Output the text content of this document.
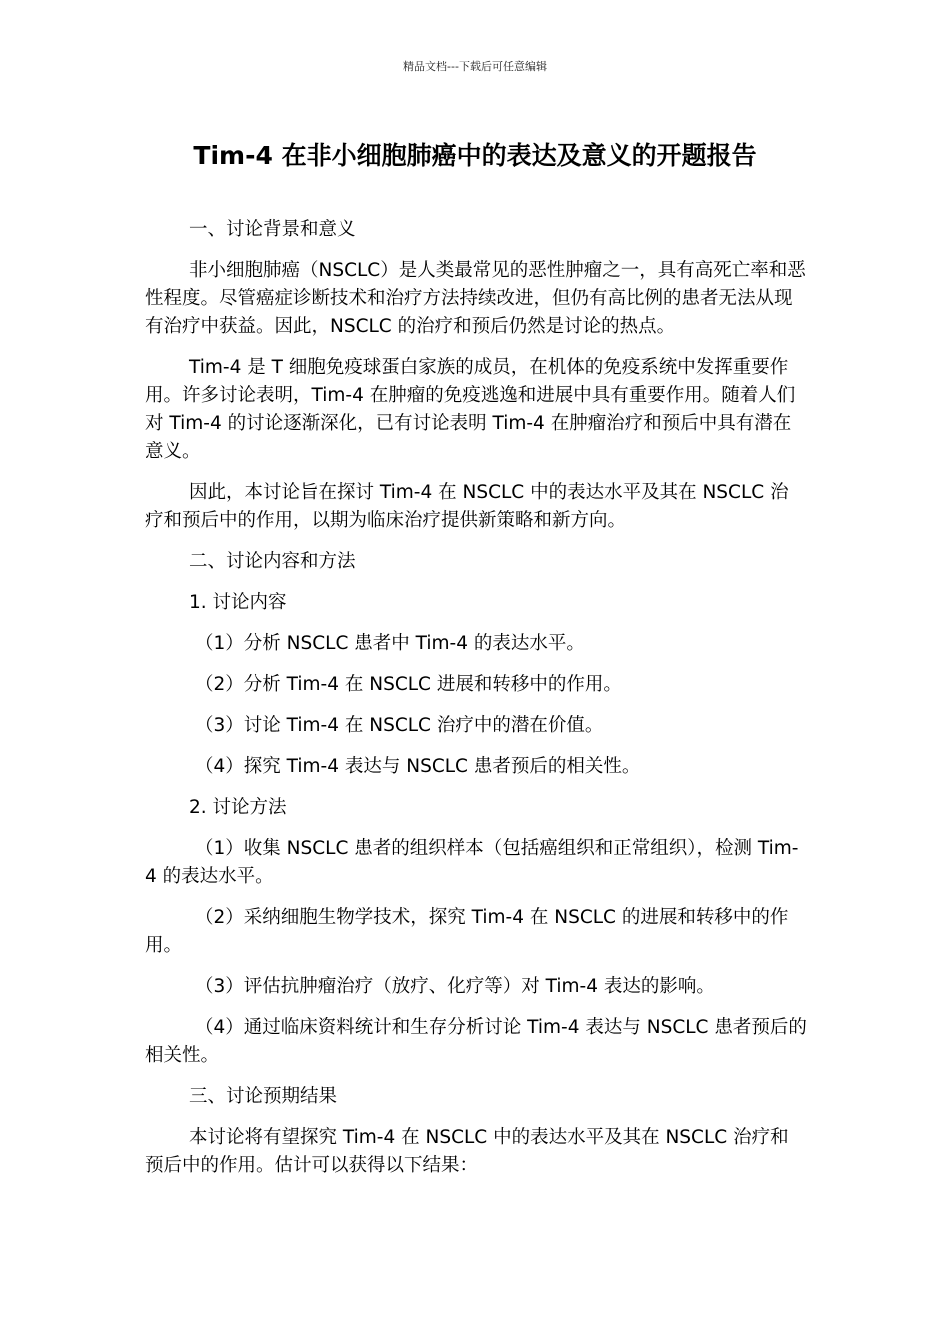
精品文档---下载后可任意编辑
Tim-4 在非小细胞肺癌中的表达及意义的开题报告

一、讨论背景和意义

非小细胞肺癌（NSCLC）是人类最常见的恶性肿瘤之一，具有高死亡率和恶性程度。尽管癌症诊断技术和治疗方法持续改进，但仍有高比例的患者无法从现有治疗中获益。因此，NSCLC 的治疗和预后仍然是讨论的热点。

Tim-4 是 T 细胞免疫球蛋白家族的成员，在机体的免疫系统中发挥重要作用。许多讨论表明，Tim-4 在肿瘤的免疫逃逸和进展中具有重要作用。随着人们对 Tim-4 的讨论逐渐深化，已有讨论表明 Tim-4 在肿瘤治疗和预后中具有潜在意义。

因此，本讨论旨在探讨 Tim-4 在 NSCLC 中的表达水平及其在 NSCLC 治疗和预后中的作用，以期为临床治疗提供新策略和新方向。

二、讨论内容和方法

1. 讨论内容

（1）分析 NSCLC 患者中 Tim-4 的表达水平。

（2）分析 Tim-4 在 NSCLC 进展和转移中的作用。

（3）讨论 Tim-4 在 NSCLC 治疗中的潜在价值。

（4）探究 Tim-4 表达与 NSCLC 患者预后的相关性。

2. 讨论方法

（1）收集 NSCLC 患者的组织样本（包括癌组织和正常组织），检测 Tim-4 的表达水平。

（2）采纳细胞生物学技术，探究 Tim-4 在 NSCLC 的进展和转移中的作用。

（3）评估抗肿瘤治疗（放疗、化疗等）对 Tim-4 表达的影响。

（4）通过临床资料统计和生存分析讨论 Tim-4 表达与 NSCLC 患者预后的相关性。

三、讨论预期结果

本讨论将有望探究 Tim-4 在 NSCLC 中的表达水平及其在 NSCLC 治疗和预后中的作用。估计可以获得以下结果：
